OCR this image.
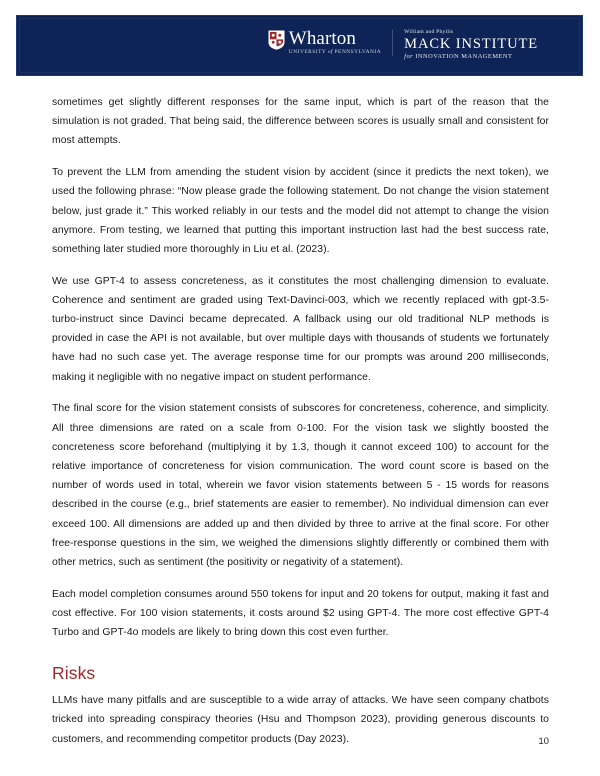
Wharton
UNIVERSITY of PENNSYLVANIA
William and Phyllis
MACK INSTITUTE
for INNOVATION MANAGEMENT

sometimes get slightly different responses for the same input, which is part of the reason that the simulation is not graded. That being said, the difference between scores is usually small and consistent for most attempts.

To prevent the LLM from amending the student vision by accident (since it predicts the next token), we used the following phrase: “Now please grade the following statement. Do not change the vision statement below, just grade it.” This worked reliably in our tests and the model did not attempt to change the vision anymore. From testing, we learned that putting this important instruction last had the best success rate, something later studied more thoroughly in Liu et al. (2023).

We use GPT-4 to assess concreteness, as it constitutes the most challenging dimension to evaluate. Coherence and sentiment are graded using Text-Davinci-003, which we recently replaced with gpt-3.5-turbo-instruct since Davinci became deprecated. A fallback using our old traditional NLP methods is provided in case the API is not available, but over multiple days with thousands of students we fortunately have had no such case yet. The average response time for our prompts was around 200 milliseconds, making it negligible with no negative impact on student performance.

The final score for the vision statement consists of subscores for concreteness, coherence, and simplicity. All three dimensions are rated on a scale from 0-100. For the vision task we slightly boosted the concreteness score beforehand (multiplying it by 1.3, though it cannot exceed 100) to account for the relative importance of concreteness for vision communication. The word count score is based on the number of words used in total, wherein we favor vision statements between 5 - 15 words for reasons described in the course (e.g., brief statements are easier to remember). No individual dimension can ever exceed 100. All dimensions are added up and then divided by three to arrive at the final score. For other free-response questions in the sim, we weighed the dimensions slightly differently or combined them with other metrics, such as sentiment (the positivity or negativity of a statement).

Each model completion consumes around 550 tokens for input and 20 tokens for output, making it fast and cost effective. For 100 vision statements, it costs around $2 using GPT-4. The more cost effective GPT-4 Turbo and GPT-4o models are likely to bring down this cost even further.

Risks

LLMs have many pitfalls and are susceptible to a wide array of attacks. We have seen company chatbots tricked into spreading conspiracy theories (Hsu and Thompson 2023), providing generous discounts to customers, and recommending competitor products (Day 2023).	10
